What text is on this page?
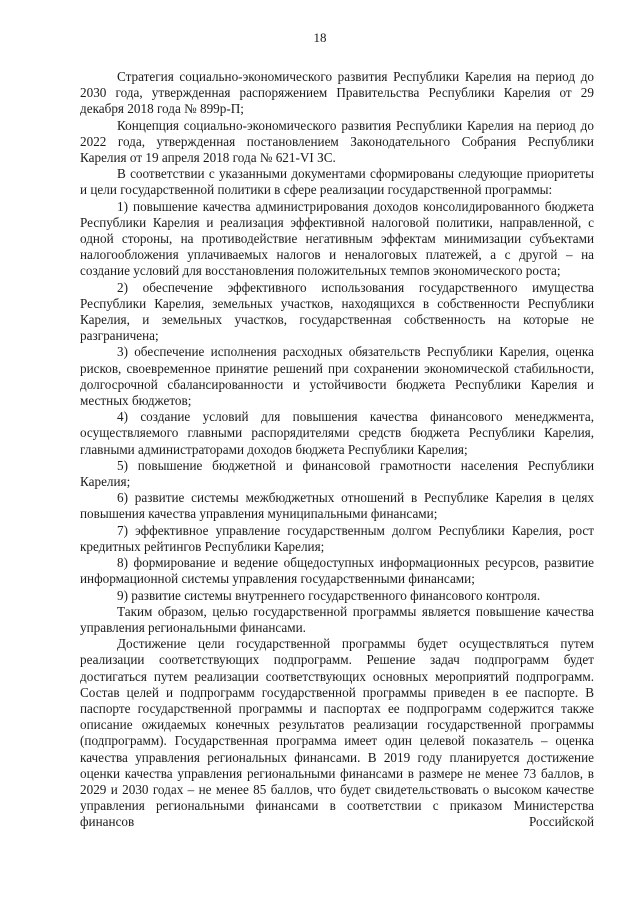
18

Стратегия социально-экономического развития Республики Карелия на период до 2030 года, утвержденная распоряжением Правительства Республики Карелия от 29 декабря 2018 года № 899р-П;

Концепция социально-экономического развития Республики Карелия на период до 2022 года, утвержденная постановлением Законодательного Собрания Республики Карелия от 19 апреля 2018 года № 621-VI ЗС.

В соответствии с указанными документами сформированы следующие приоритеты и цели государственной политики в сфере реализации государственной программы:

1) повышение качества администрирования доходов консолидированного бюджета Республики Карелия и реализация эффективной налоговой политики, направленной, с одной стороны, на противодействие негативным эффектам минимизации субъектами налогообложения уплачиваемых налогов и неналоговых платежей, а с другой – на создание условий для восстановления положительных темпов экономического роста;

2) обеспечение эффективного использования государственного имущества Республики Карелия, земельных участков, находящихся в собственности Республики Карелия, и земельных участков, государственная собственность на которые не разграничена;

3) обеспечение исполнения расходных обязательств Республики Карелия, оценка рисков, своевременное принятие решений при сохранении экономической стабильности, долгосрочной сбалансированности и устойчивости бюджета Республики Карелия и местных бюджетов;

4) создание условий для повышения качества финансового менеджмента, осуществляемого главными распорядителями средств бюджета Республики Карелия, главными администраторами доходов бюджета Республики Карелия;

5) повышение бюджетной и финансовой грамотности населения Республики Карелия;

6) развитие системы межбюджетных отношений в Республике Карелия в целях повышения качества управления муниципальными финансами;

7) эффективное управление государственным долгом Республики Карелия, рост кредитных рейтингов Республики Карелия;

8) формирование и ведение общедоступных информационных ресурсов, развитие информационной системы управления государственными финансами;

9) развитие системы внутреннего государственного финансового контроля.

Таким образом, целью государственной программы является повышение качества управления региональными финансами.

Достижение цели государственной программы будет осуществляться путем реализации соответствующих подпрограмм. Решение задач подпрограмм будет достигаться путем реализации соответствующих основных мероприятий подпрограмм. Состав целей и подпрограмм государственной программы приведен в ее паспорте. В паспорте государственной программы и паспортах ее подпрограмм содержится также описание ожидаемых конечных результатов реализации государственной программы (подпрограмм). Государственная программа имеет один целевой показатель – оценка качества управления региональных финансами. В 2019 году планируется достижение оценки качества управления региональными финансами в размере не менее 73 баллов, в 2029 и 2030 годах – не менее 85 баллов, что будет свидетельствовать о высоком качестве управления региональными финансами в соответствии с приказом Министерства финансов Российской
